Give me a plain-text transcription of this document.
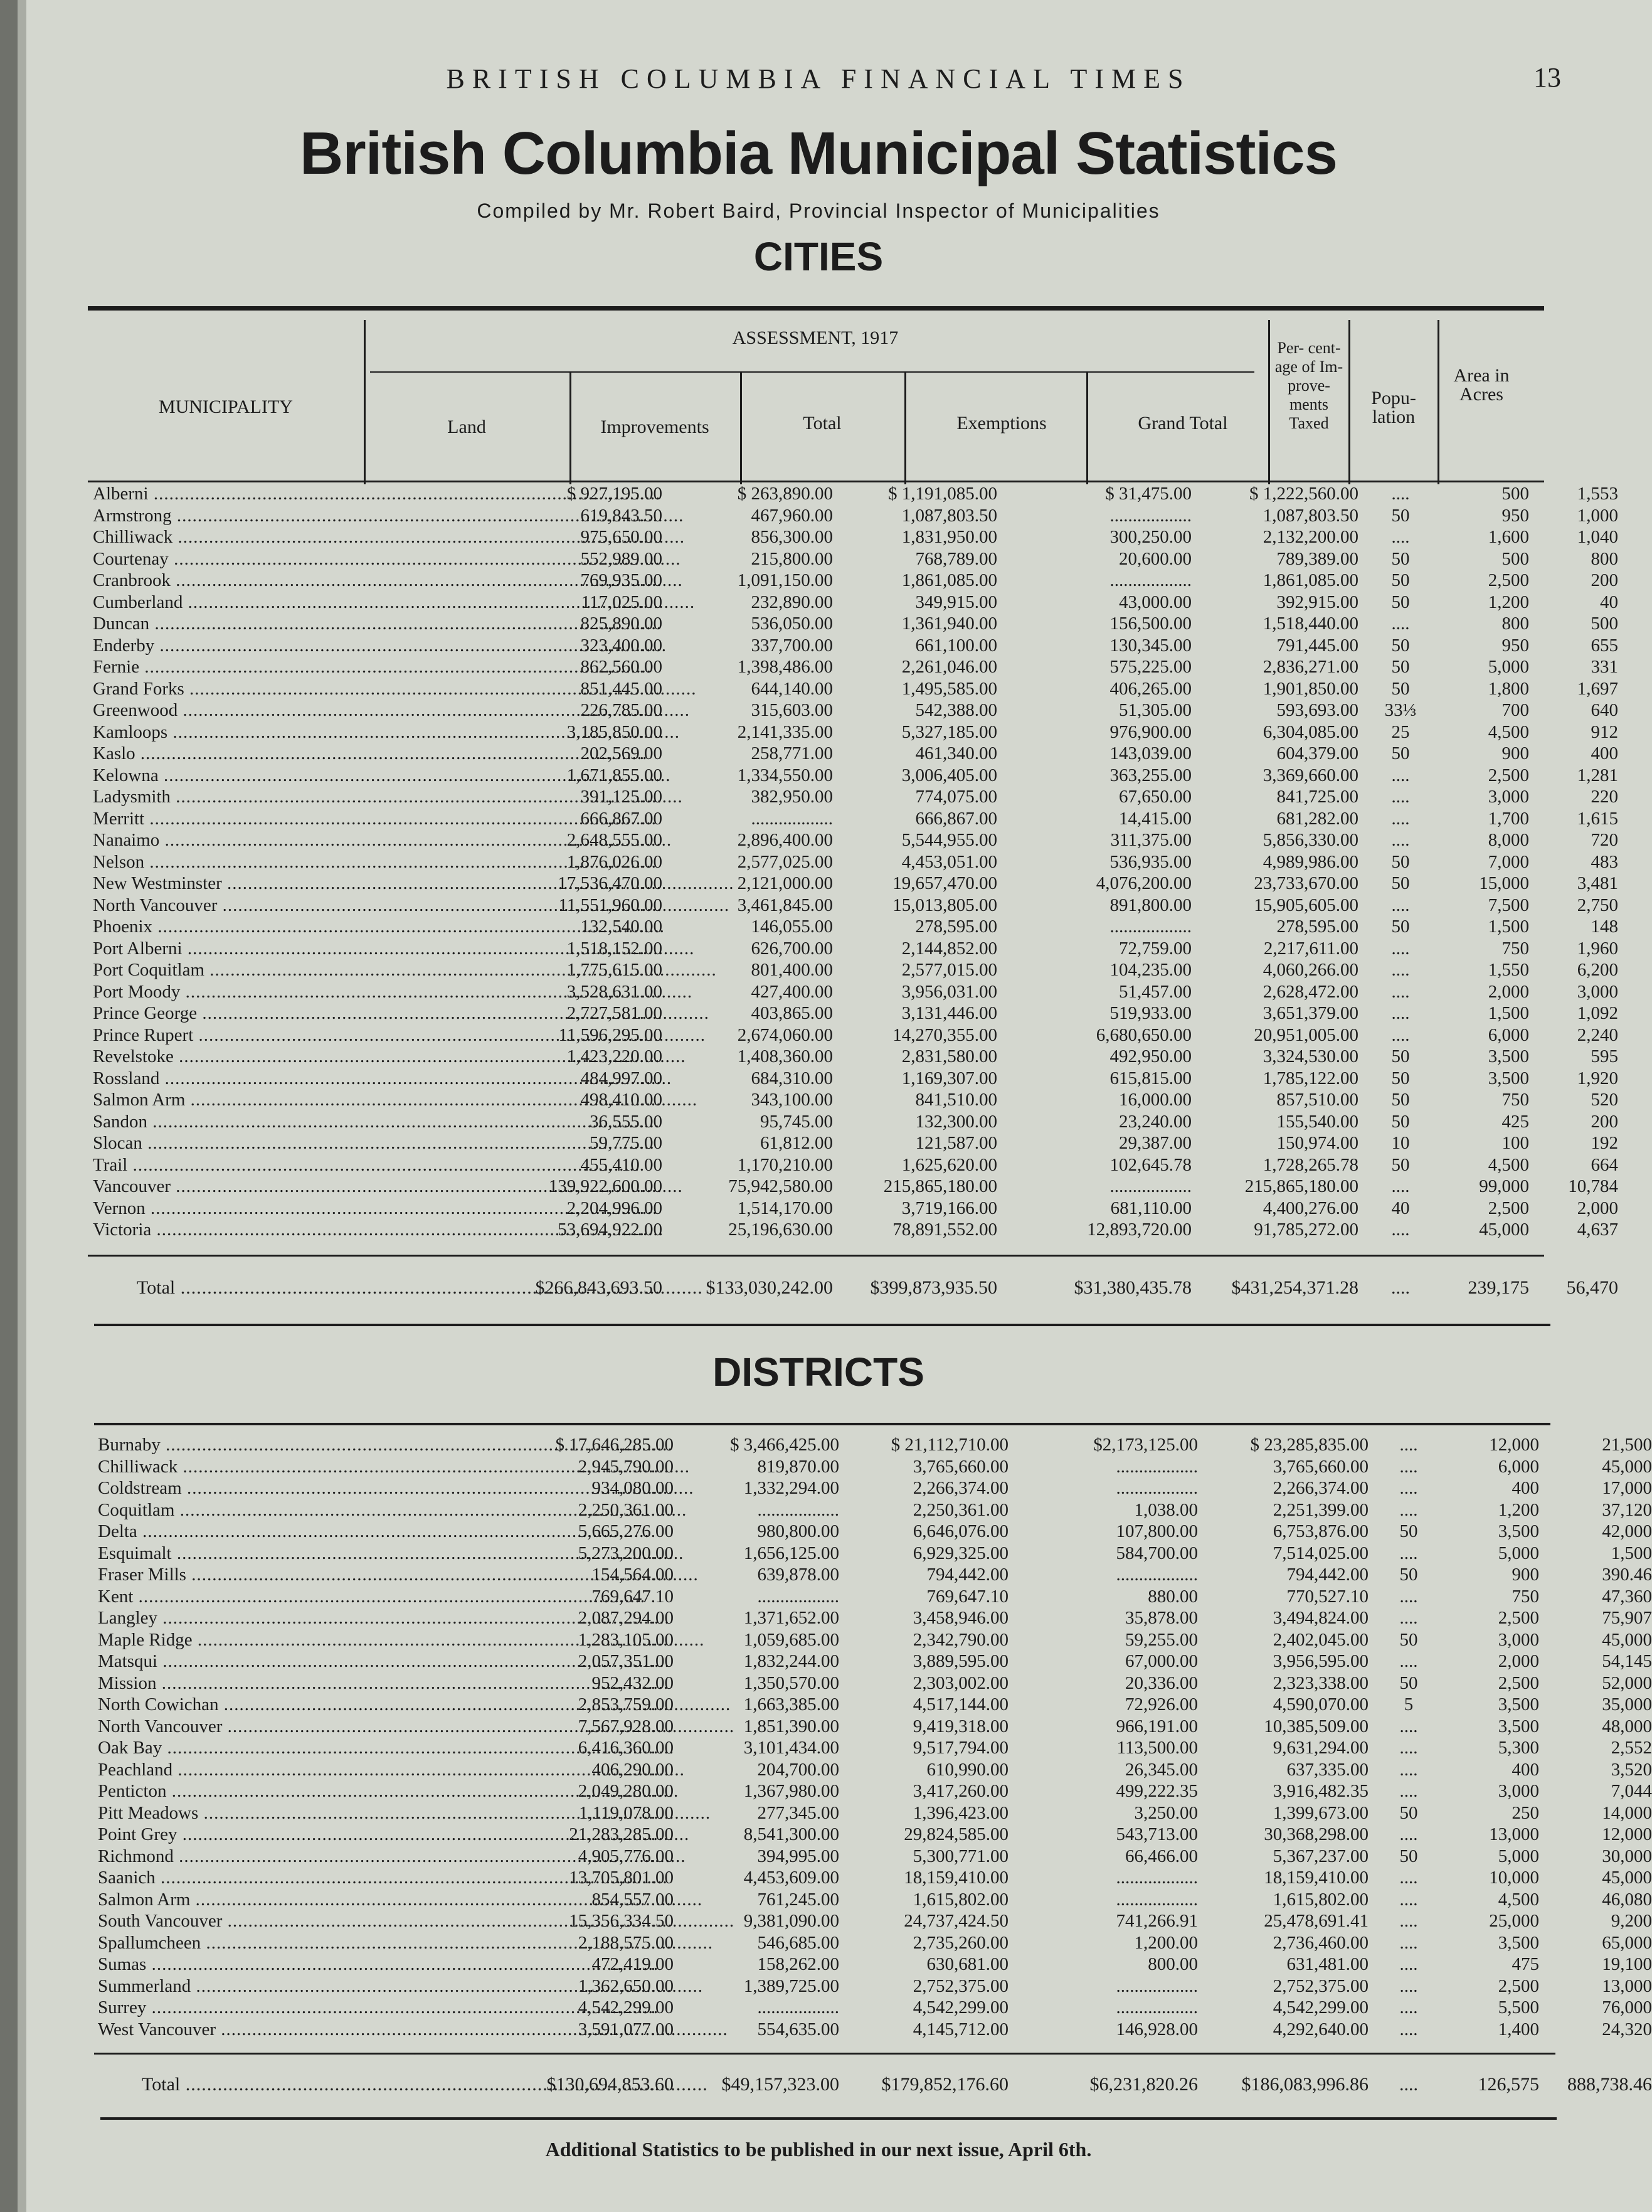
BRITISH COLUMBIA FINANCIAL TIMES	13
British Columbia Municipal Statistics
Compiled by Mr. Robert Baird, Provincial Inspector of Municipalities
CITIES
ASSESSMENT, 1917
MUNICIPALITY
Land	Improvements	Total	Exemptions	Grand Total
Per- cent- age of Im- prove- ments Taxed
Popu- lation
Area in Acres
Alberni .....	$ 927,195.00	$ 263,890.00	$ 1,191,085.00	$ 31,475.00	$ 1,222,560.00	....	500	1,553
Armstrong .....	619,843.50	467,960.00	1,087,803.50	..................	1,087,803.50	50	950	1,000
Chilliwack .....	975,650.00	856,300.00	1,831,950.00	300,250.00	2,132,200.00	....	1,600	1,040
Courtenay .....	552,989.00	215,800.00	768,789.00	20,600.00	789,389.00	50	500	800
Cranbrook .....	769,935.00	1,091,150.00	1,861,085.00	..................	1,861,085.00	50	2,500	200
Cumberland .....	117,025.00	232,890.00	349,915.00	43,000.00	392,915.00	50	1,200	40
Duncan .....	825,890.00	536,050.00	1,361,940.00	156,500.00	1,518,440.00	....	800	500
Enderby .....	323,400.00	337,700.00	661,100.00	130,345.00	791,445.00	50	950	655
Fernie .....	862,560.00	1,398,486.00	2,261,046.00	575,225.00	2,836,271.00	50	5,000	331
Grand Forks .....	851,445.00	644,140.00	1,495,585.00	406,265.00	1,901,850.00	50	1,800	1,697
Greenwood .....	226,785.00	315,603.00	542,388.00	51,305.00	593,693.00	33⅓	700	640
Kamloops .....	3,185,850.00	2,141,335.00	5,327,185.00	976,900.00	6,304,085.00	25	4,500	912
Kaslo .....	202,569.00	258,771.00	461,340.00	143,039.00	604,379.00	50	900	400
Kelowna .....	1,671,855.00	1,334,550.00	3,006,405.00	363,255.00	3,369,660.00	....	2,500	1,281
Ladysmith .....	391,125.00	382,950.00	774,075.00	67,650.00	841,725.00	....	3,000	220
Merritt .....	666,867.00	..................	666,867.00	14,415.00	681,282.00	....	1,700	1,615
Nanaimo .....	2,648,555.00	2,896,400.00	5,544,955.00	311,375.00	5,856,330.00	....	8,000	720
Nelson .....	1,876,026.00	2,577,025.00	4,453,051.00	536,935.00	4,989,986.00	50	7,000	483
New Westminster .....	17,536,470.00	2,121,000.00	19,657,470.00	4,076,200.00	23,733,670.00	50	15,000	3,481
North Vancouver .....	11,551,960.00	3,461,845.00	15,013,805.00	891,800.00	15,905,605.00	....	7,500	2,750
Phoenix .....	132,540.00	146,055.00	278,595.00	..................	278,595.00	50	1,500	148
Port Alberni .....	1,518,152.00	626,700.00	2,144,852.00	72,759.00	2,217,611.00	....	750	1,960
Port Coquitlam .....	1,775,615.00	801,400.00	2,577,015.00	104,235.00	4,060,266.00	....	1,550	6,200
Port Moody .....	3,528,631.00	427,400.00	3,956,031.00	51,457.00	2,628,472.00	....	2,000	3,000
Prince George .....	2,727,581.00	403,865.00	3,131,446.00	519,933.00	3,651,379.00	....	1,500	1,092
Prince Rupert .....	11,596,295.00	2,674,060.00	14,270,355.00	6,680,650.00	20,951,005.00	....	6,000	2,240
Revelstoke .....	1,423,220.00	1,408,360.00	2,831,580.00	492,950.00	3,324,530.00	50	3,500	595
Rossland .....	484,997.00	684,310.00	1,169,307.00	615,815.00	1,785,122.00	50	3,500	1,920
Salmon Arm .....	498,410.00	343,100.00	841,510.00	16,000.00	857,510.00	50	750	520
Sandon .....	36,555.00	95,745.00	132,300.00	23,240.00	155,540.00	50	425	200
Slocan .....	59,775.00	61,812.00	121,587.00	29,387.00	150,974.00	10	100	192
Trail .....	455,410.00	1,170,210.00	1,625,620.00	102,645.78	1,728,265.78	50	4,500	664
Vancouver .....	139,922,600.00	75,942,580.00	215,865,180.00	..................	215,865,180.00	....	99,000	10,784
Vernon .....	2,204,996.00	1,514,170.00	3,719,166.00	681,110.00	4,400,276.00	40	2,500	2,000
Victoria .....	53,694,922.00	25,196,630.00	78,891,552.00	12,893,720.00	91,785,272.00	....	45,000	4,637
Total .....	$266,843,693.50	$133,030,242.00	$399,873,935.50	$31,380,435.78	$431,254,371.28	....	239,175	56,470
DISTRICTS
Burnaby .....	$ 17,646,285.00	$ 3,466,425.00	$ 21,112,710.00	$2,173,125.00	$ 23,285,835.00	....	12,000	21,500
Chilliwack .....	2,945,790.00	819,870.00	3,765,660.00	..................	3,765,660.00	....	6,000	45,000
Coldstream .....	934,080.00	1,332,294.00	2,266,374.00	..................	2,266,374.00	....	400	17,000
Coquitlam .....	2,250,361.00	..................	2,250,361.00	1,038.00	2,251,399.00	....	1,200	37,120
Delta .....	5,665,276.00	980,800.00	6,646,076.00	107,800.00	6,753,876.00	50	3,500	42,000
Esquimalt .....	5,273,200.00	1,656,125.00	6,929,325.00	584,700.00	7,514,025.00	....	5,000	1,500
Fraser Mills .....	154,564.00	639,878.00	794,442.00	..................	794,442.00	50	900	390.46
Kent .....	769,647.10	..................	769,647.10	880.00	770,527.10	....	750	47,360
Langley .....	2,087,294.00	1,371,652.00	3,458,946.00	35,878.00	3,494,824.00	....	2,500	75,907
Maple Ridge .....	1,283,105.00	1,059,685.00	2,342,790.00	59,255.00	2,402,045.00	50	3,000	45,000
Matsqui .....	2,057,351.00	1,832,244.00	3,889,595.00	67,000.00	3,956,595.00	....	2,000	54,145
Mission .....	952,432.00	1,350,570.00	2,303,002.00	20,336.00	2,323,338.00	50	2,500	52,000
North Cowichan .....	2,853,759.00	1,663,385.00	4,517,144.00	72,926.00	4,590,070.00	5	3,500	35,000
North Vancouver .....	7,567,928.00	1,851,390.00	9,419,318.00	966,191.00	10,385,509.00	....	3,500	48,000
Oak Bay .....	6,416,360.00	3,101,434.00	9,517,794.00	113,500.00	9,631,294.00	....	5,300	2,552
Peachland .....	406,290.00	204,700.00	610,990.00	26,345.00	637,335.00	....	400	3,520
Penticton .....	2,049,280.00	1,367,980.00	3,417,260.00	499,222.35	3,916,482.35	....	3,000	7,044
Pitt Meadows .....	1,119,078.00	277,345.00	1,396,423.00	3,250.00	1,399,673.00	50	250	14,000
Point Grey .....	21,283,285.00	8,541,300.00	29,824,585.00	543,713.00	30,368,298.00	....	13,000	12,000
Richmond .....	4,905,776.00	394,995.00	5,300,771.00	66,466.00	5,367,237.00	50	5,000	30,000
Saanich .....	13,705,801.00	4,453,609.00	18,159,410.00	..................	18,159,410.00	....	10,000	45,000
Salmon Arm .....	854,557.00	761,245.00	1,615,802.00	..................	1,615,802.00	....	4,500	46,080
South Vancouver .....	15,356,334.50	9,381,090.00	24,737,424.50	741,266.91	25,478,691.41	....	25,000	9,200
Spallumcheen .....	2,188,575.00	546,685.00	2,735,260.00	1,200.00	2,736,460.00	....	3,500	65,000
Sumas .....	472,419.00	158,262.00	630,681.00	800.00	631,481.00	....	475	19,100
Summerland .....	1,362,650.00	1,389,725.00	2,752,375.00	..................	2,752,375.00	....	2,500	13,000
Surrey .....	4,542,299.00	..................	4,542,299.00	..................	4,542,299.00	....	5,500	76,000
West Vancouver .....	3,591,077.00	554,635.00	4,145,712.00	146,928.00	4,292,640.00	....	1,400	24,320
Total .....	$130,694,853.60	$49,157,323.00	$179,852,176.60	$6,231,820.26	$186,083,996.86	....	126,575	888,738.46
Additional Statistics to be published in our next issue, April 6th.
